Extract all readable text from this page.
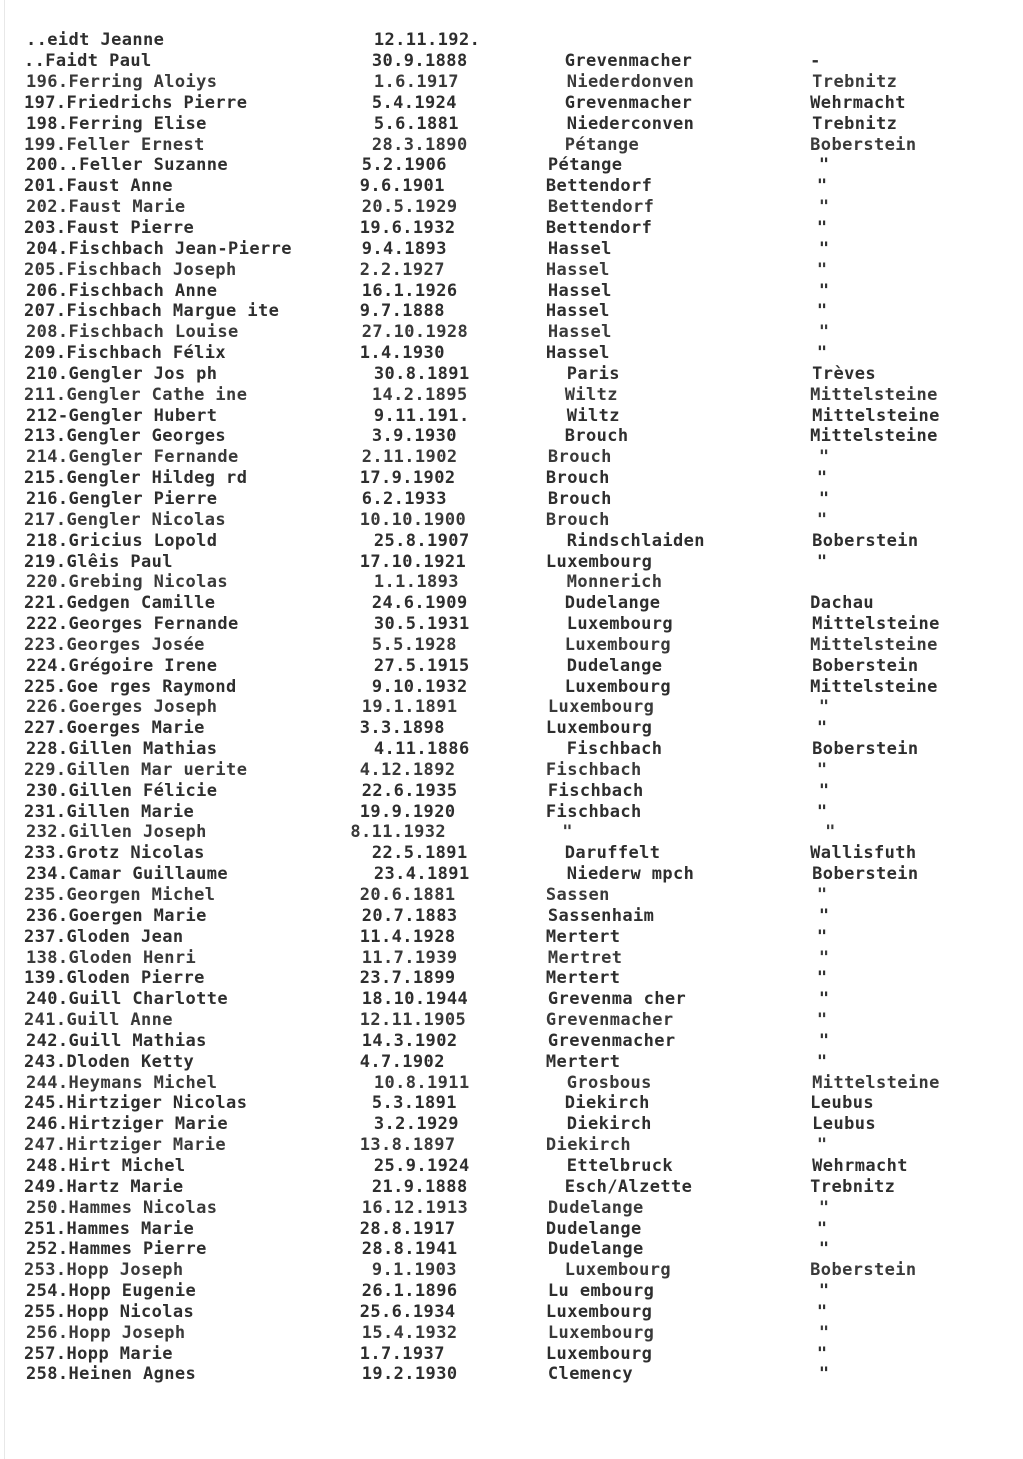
..eidt Jeanne	12.11.192.
..Faidt Paul	30.9.1888	Grevenmacher	-
196.Ferring Aloiys	1.6.1917	Niederdonven	Trebnitz
197.Friedrichs Pierre	5.4.1924	Grevenmacher	Wehrmacht
198.Ferring Elise	5.6.1881	Niederconven	Trebnitz
199.Feller Ernest	28.3.1890	Pétange	Boberstein
200..Feller Suzanne	5.2.1906	Pétange	"
201.Faust Anne	9.6.1901	Bettendorf	"
202.Faust Marie	20.5.1929	Bettendorf	"
203.Faust Pierre	19.6.1932	Bettendorf	"
204.Fischbach Jean-Pierre	9.4.1893	Hassel	"
205.Fischbach Joseph	2.2.1927	Hassel	"
206.Fischbach Anne	16.1.1926	Hassel	"
207.Fischbach Margue ite	9.7.1888	Hassel	"
208.Fischbach Louise	27.10.1928	Hassel	"
209.Fischbach Félix	1.4.1930	Hassel	"
210.Gengler Jos ph	30.8.1891	Paris	Trèves
211.Gengler Cathe ine	14.2.1895	Wiltz	Mittelsteine
212-Gengler Hubert	9.11.191.	Wiltz	Mittelsteine
213.Gengler Georges	3.9.1930	Brouch	Mittelsteine
214.Gengler Fernande	2.11.1902	Brouch	"
215.Gengler Hildeg rd	17.9.1902	Brouch	"
216.Gengler Pierre	6.2.1933	Brouch	"
217.Gengler Nicolas	10.10.1900	Brouch	"
218.Gricius Lopold	25.8.1907	Rindschlaiden	Boberstein
219.Glêis Paul	17.10.1921	Luxembourg	"
220.Grebing Nicolas	1.1.1893	Monnerich
221.Gedgen Camille	24.6.1909	Dudelange	Dachau
222.Georges Fernande	30.5.1931	Luxembourg	Mittelsteine
223.Georges Josée	5.5.1928	Luxembourg	Mittelsteine
224.Grégoire Irene	27.5.1915	Dudelange	Boberstein
225.Goe rges Raymond	9.10.1932	Luxembourg	Mittelsteine
226.Goerges Joseph	19.1.1891	Luxembourg	"
227.Goerges Marie	3.3.1898	Luxembourg	"
228.Gillen Mathias	4.11.1886	Fischbach	Boberstein
229.Gillen Mar uerite	4.12.1892	Fischbach	"
230.Gillen Félicie	22.6.1935	Fischbach	"
231.Gillen Marie	19.9.1920	Fischbach	"
232.Gillen Joseph	8.11.1932	"	"
233.Grotz Nicolas	22.5.1891	Daruffelt	Wallisfuth
234.Camar Guillaume	23.4.1891	Niederw mpch	Boberstein
235.Georgen Michel	20.6.1881	Sassen	"
236.Goergen Marie	20.7.1883	Sassenhaim	"
237.Gloden Jean	11.4.1928	Mertert	"
138.Gloden Henri	11.7.1939	Mertret	"
139.Gloden Pierre	23.7.1899	Mertert	"
240.Guill Charlotte	18.10.1944	Grevenma cher	"
241.Guill Anne	12.11.1905	Grevenmacher	"
242.Guill Mathias	14.3.1902	Grevenmacher	"
243.Dloden Ketty	4.7.1902	Mertert	"
244.Heymans Michel	10.8.1911	Grosbous	Mittelsteine
245.Hirtziger Nicolas	5.3.1891	Diekirch	Leubus
246.Hirtziger Marie	3.2.1929	Diekirch	Leubus
247.Hirtziger Marie	13.8.1897	Diekirch	"
248.Hirt Michel	25.9.1924	Ettelbruck	Wehrmacht
249.Hartz Marie	21.9.1888	Esch/Alzette	Trebnitz
250.Hammes Nicolas	16.12.1913	Dudelange	"
251.Hammes Marie	28.8.1917	Dudelange	"
252.Hammes Pierre	28.8.1941	Dudelange	"
253.Hopp Joseph	9.1.1903	Luxembourg	Boberstein
254.Hopp Eugenie	26.1.1896	Lu embourg	"
255.Hopp Nicolas	25.6.1934	Luxembourg	"
256.Hopp Joseph	15.4.1932	Luxembourg	"
257.Hopp Marie	1.7.1937	Luxembourg	"
258.Heinen Agnes	19.2.1930	Clemency	"
